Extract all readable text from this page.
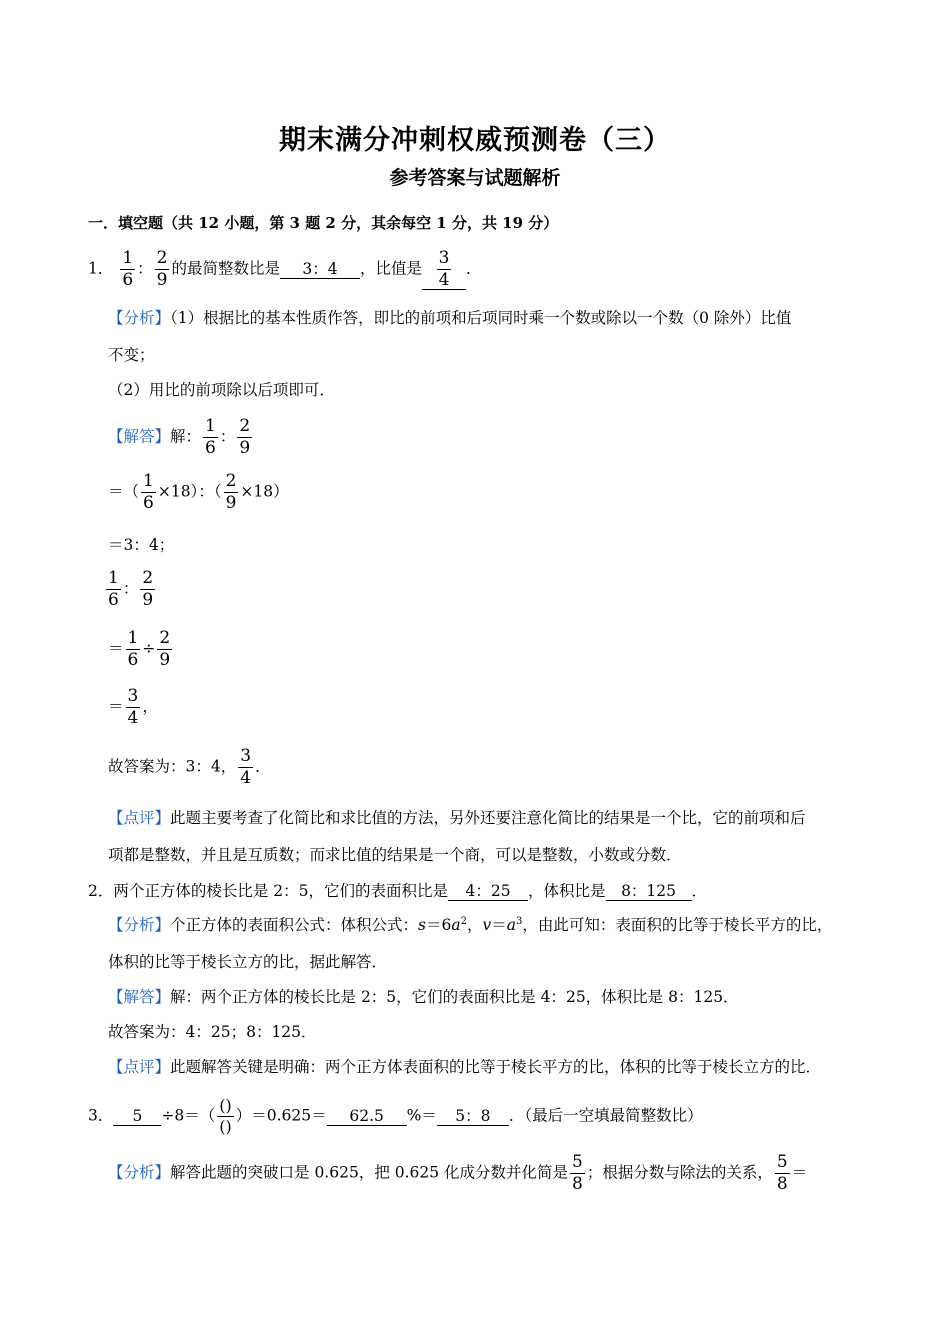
期末满分冲刺权威预测卷（三）
参考答案与试题解析
一．填空题（共 12 小题，第 3 题 2 分，其余每空 1 分，共 19 分）
1． $\frac{1}{6}$ ： $\frac{2}{9}$ 的最简整数比是 3：4 ，比值是 $\frac{3}{4}$ ．
【分析】（1）根据比的基本性质作答，即比的前项和后项同时乘一个数或除以一个数（0 除外）比值
不变；
（2）用比的前项除以后项即可．
【解答】解： $\frac{1}{6}$ ： $\frac{2}{9}$
＝（ $\frac{1}{6} \times 18$）：（ $\frac{2}{9} \times 18$）
＝3：4；
$\frac{1}{6}$ ： $\frac{2}{9}$
＝ $\frac{1}{6} \div \frac{2}{9}$
＝ $\frac{3}{4}$ ，
故答案为：3：4， $\frac{3}{4}$ ．
【点评】此题主要考查了化简比和求比值的方法，另外还要注意化简比的结果是一个比，它的前项和后
项都是整数，并且是互质数；而求比值的结果是一个商，可以是整数，小数或分数．
2．两个正方体的棱长比是 2：5，它们的表面积比是 4：25 ，体积比是 8：125 ．
【分析】个正方体的表面积公式：体积公式：$s=6a^2$，$v=a^3$，由此可知：表面积的比等于棱长平方的比，
体积的比等于棱长立方的比，据此解答．
【解答】解：两个正方体的棱长比是 2：5，它们的表面积比是 4：25，体积比是 8：125．
故答案为：4：25；8：125．
【点评】此题解答关键是明确：两个正方体表面积的比等于棱长平方的比，体积的比等于棱长立方的比．
3． $5 \div 8=( \frac{()}{()} )=0.625= 62.5$ %＝ 5：8 ．（最后一空填最简整数比）
【分析】解答此题的突破口是 0.625，把 0.625 化成分数并化简是 $\frac{5}{8}$ ；根据分数与除法的关系， $\frac{5}{8}$ ＝
